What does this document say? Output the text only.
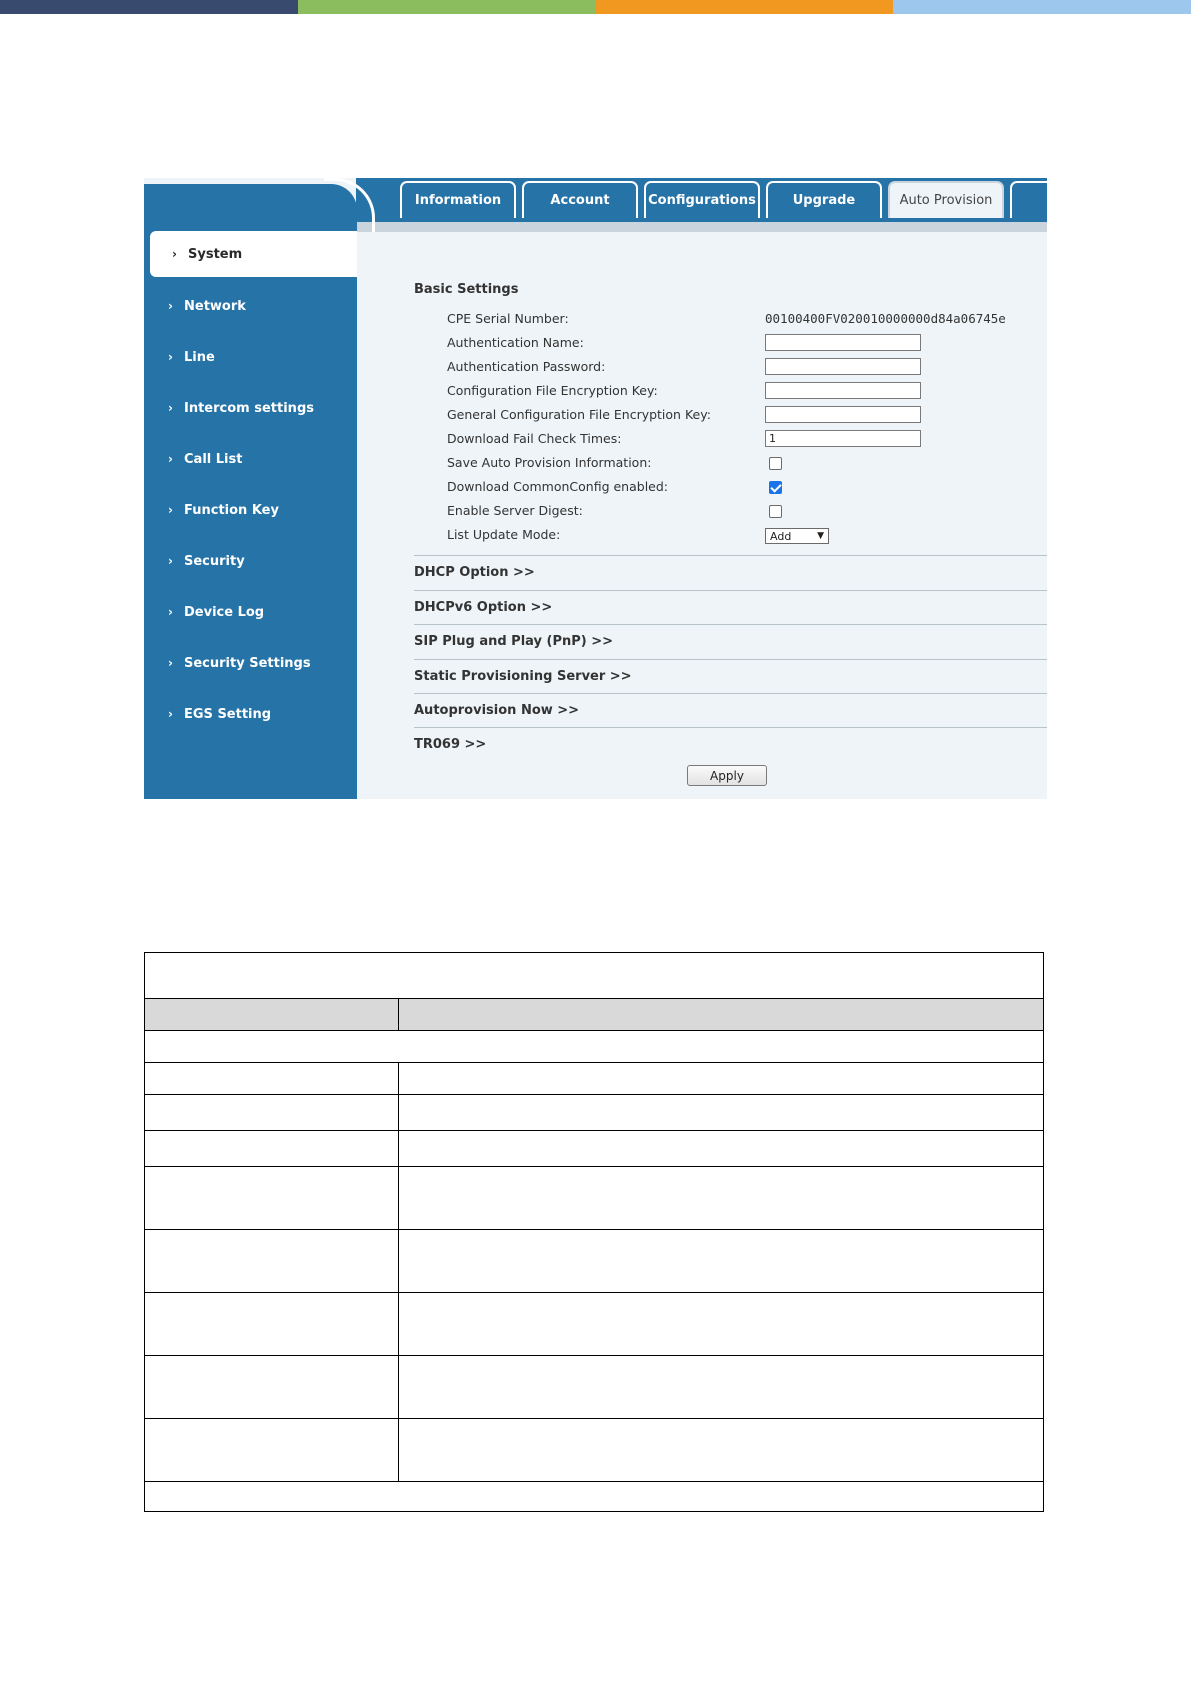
Information	Account	Configurations	Upgrade	Auto Provision
› System
› Network
› Line
› Intercom settings
› Call List
› Function Key
› Security
› Device Log
› Security Settings
› EGS Setting
Basic Settings
CPE Serial Number:	00100400FV020010000000d84a06745e
Authentication Name:
Authentication Password:
Configuration File Encryption Key:
General Configuration File Encryption Key:
Download Fail Check Times:
1
Save Auto Provision Information:
Download CommonConfig enabled:
Enable Server Digest:
List Update Mode:	Add	▼
DHCP Option >>
DHCPv6 Option >>
SIP Plug and Play (PnP) >>
Static Provisioning Server >>
Autoprovision Now >>
TR069 >>
Apply
